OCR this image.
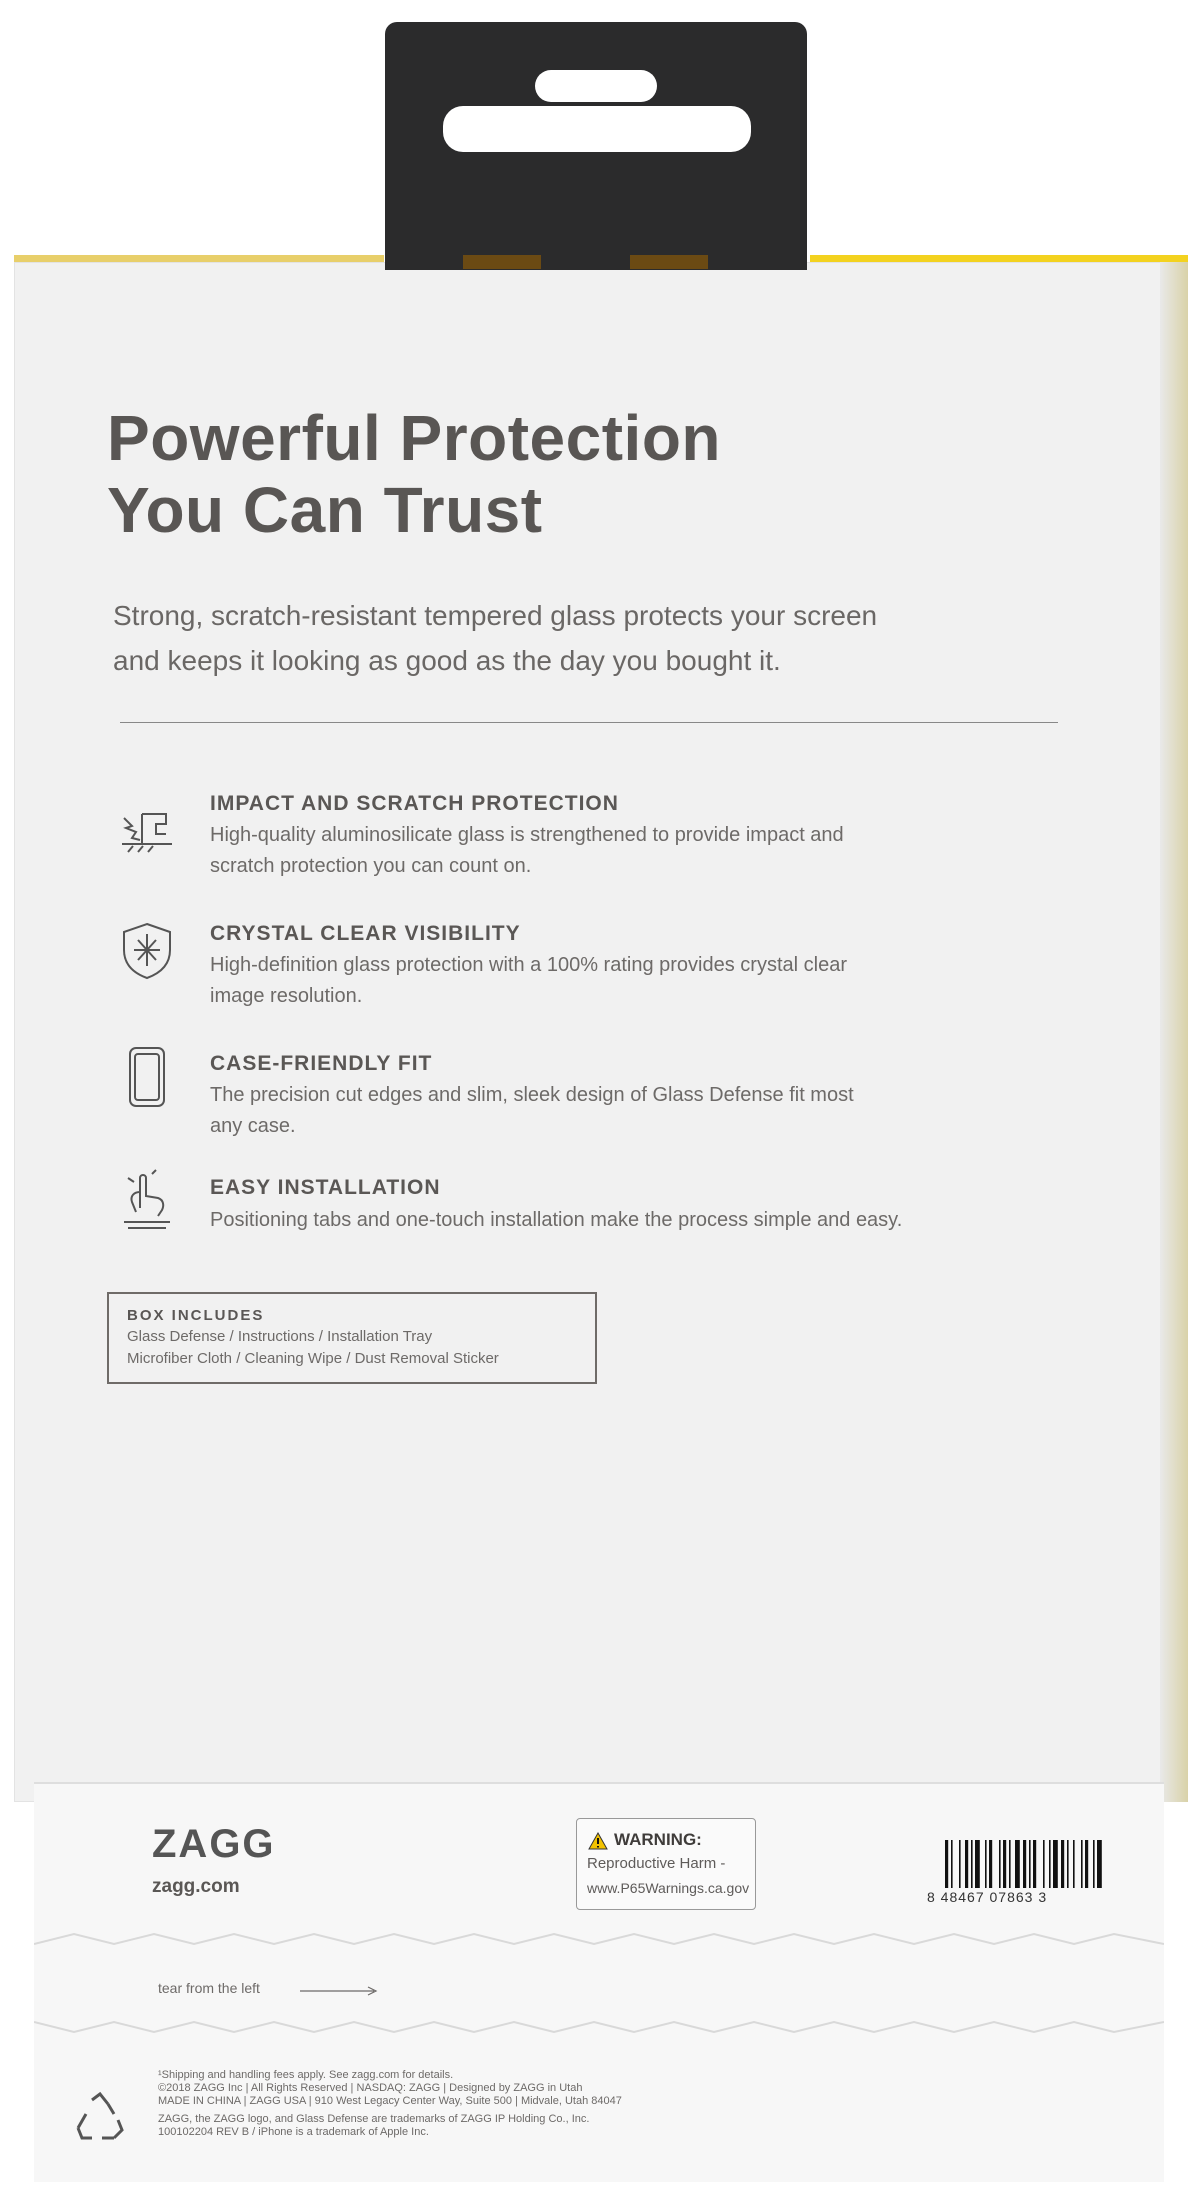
Powerful Protection
You Can Trust
Strong, scratch-resistant tempered glass protects your screen
and keeps it looking as good as the day you bought it.
IMPACT AND SCRATCH PROTECTION
High-quality aluminosilicate glass is strengthened to provide impact and
scratch protection you can count on.
CRYSTAL CLEAR VISIBILITY
High-definition glass protection with a 100% rating provides crystal clear
image resolution.
CASE-FRIENDLY FIT
The precision cut edges and slim, sleek design of Glass Defense fit most
any case.
EASY INSTALLATION
Positioning tabs and one-touch installation make the process simple and easy.
BOX INCLUDES
Glass Defense / Instructions / Installation Tray
Microfiber Cloth / Cleaning Wipe / Dust Removal Sticker
ZAGG
zagg.com
WARNING:
Reproductive Harm -
www.P65Warnings.ca.gov
8 48467 07863 3
tear from the left
¹Shipping and handling fees apply. See zagg.com for details.
©2018 ZAGG Inc | All Rights Reserved | NASDAQ: ZAGG | Designed by ZAGG in Utah
MADE IN CHINA | ZAGG USA | 910 West Legacy Center Way, Suite 500 | Midvale, Utah 84047
ZAGG, the ZAGG logo, and Glass Defense are trademarks of ZAGG IP Holding Co., Inc.
100102204 REV B / iPhone is a trademark of Apple Inc.
